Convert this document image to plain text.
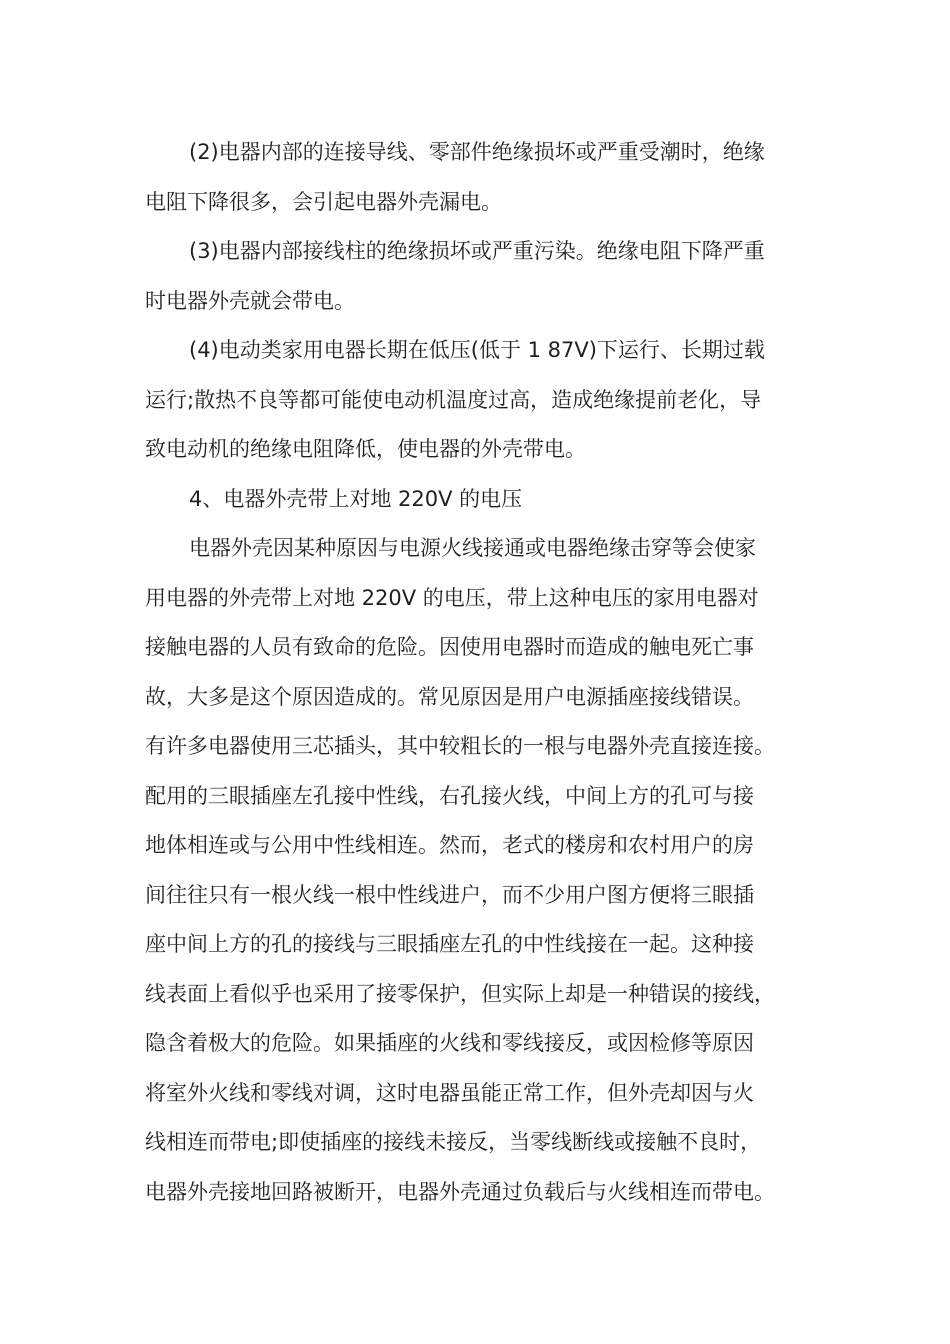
(2)电器内部的连接导线、零部件绝缘损坏或严重受潮时，绝缘
电阻下降很多，会引起电器外壳漏电。

(3)电器内部接线柱的绝缘损坏或严重污染。绝缘电阻下降严重
时电器外壳就会带电。

(4)电动类家用电器长期在低压(低于 1 87V)下运行、长期过载
运行;散热不良等都可能使电动机温度过高，造成绝缘提前老化，导
致电动机的绝缘电阻降低，使电器的外壳带电。

4、电器外壳带上对地 220V 的电压

电器外壳因某种原因与电源火线接通或电器绝缘击穿等会使家
用电器的外壳带上对地 220V 的电压，带上这种电压的家用电器对
接触电器的人员有致命的危险。因使用电器时而造成的触电死亡事
故，大多是这个原因造成的。常见原因是用户电源插座接线错误。
有许多电器使用三芯插头，其中较粗长的一根与电器外壳直接连接。
配用的三眼插座左孔接中性线，右孔接火线，中间上方的孔可与接
地体相连或与公用中性线相连。然而，老式的楼房和农村用户的房
间往往只有一根火线一根中性线进户，而不少用户图方便将三眼插
座中间上方的孔的接线与三眼插座左孔的中性线接在一起。这种接
线表面上看似乎也采用了接零保护，但实际上却是一种错误的接线，
隐含着极大的危险。如果插座的火线和零线接反，或因检修等原因
将室外火线和零线对调，这时电器虽能正常工作，但外壳却因与火
线相连而带电;即使插座的接线未接反，当零线断线或接触不良时，
电器外壳接地回路被断开，电器外壳通过负载后与火线相连而带电。
